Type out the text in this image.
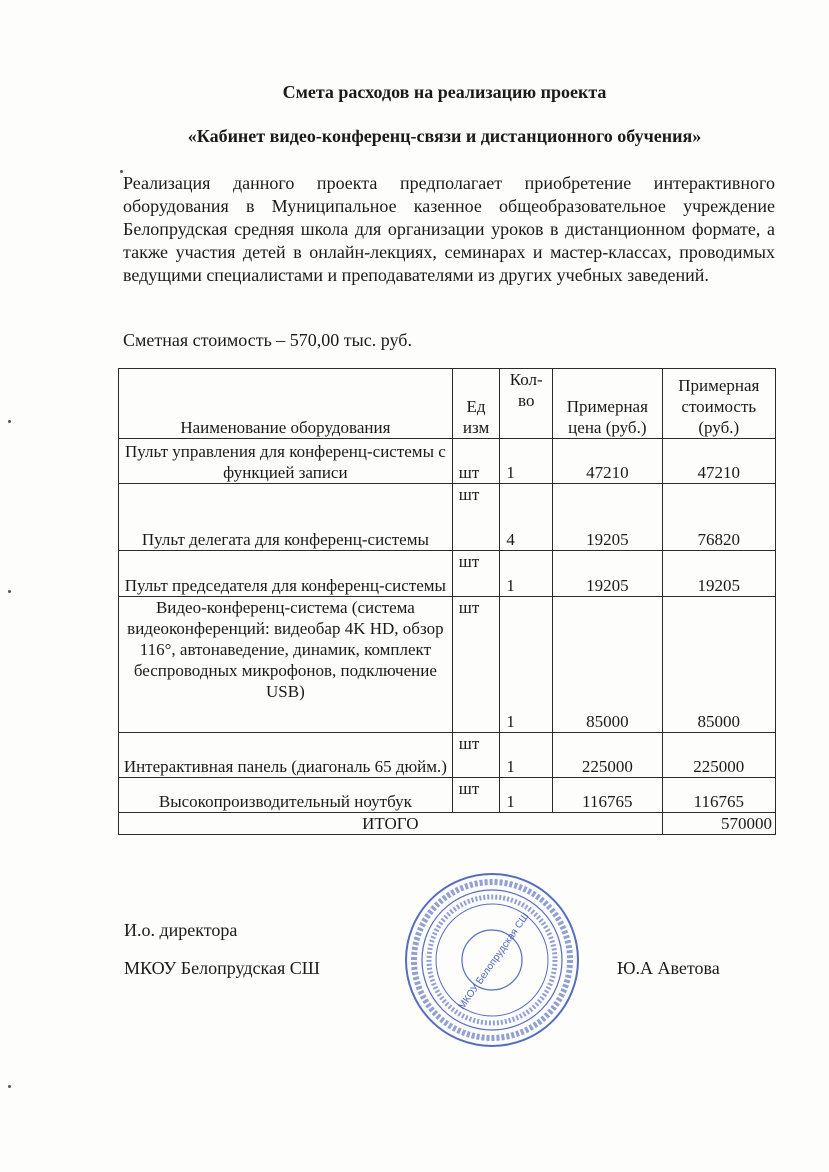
Смета расходов на реализацию проекта
«Кабинет видео-конференц-связи и дистанционного обучения»

Реализация данного проекта предполагает приобретение интерактивного оборудования в Муниципальное казенное общеобразовательное учреждение Белопрудская средняя школа для организации уроков в дистанционном формате, а также участия детей в онлайн-лекциях, семинарах и мастер-классах, проводимых ведущими специалистами и преподавателями из других учебных заведений.

Сметная стоимость – 570,00 тыс. руб.
Наименование оборудования	Ед изм	Кол-во	Примерная цена (руб.)	Примерная стоимость (руб.)
Пульт управления для конференц-системы с функцией записи	шт	1	47210	47210
Пульт делегата для конференц-системы	шт	4	19205	76820
Пульт председателя для конференц-системы	шт	1	19205	19205
Видео-конференц-система (система видеоконференций: видеобар 4K HD, обзор 116°, автонаведение, динамик, комплект беспроводных микрофонов, подключение USB)	шт	1	85000	85000
Интерактивная панель (диагональ 65 дюйм.)	шт	1	225000	225000
Высокопроизводительный ноутбук	шт	1	116765	116765
ИТОГО				570000
И.о. директора
МКОУ Белопрудская СШ	Ю.А Аветова
МКОУ Белопрудская СШ
